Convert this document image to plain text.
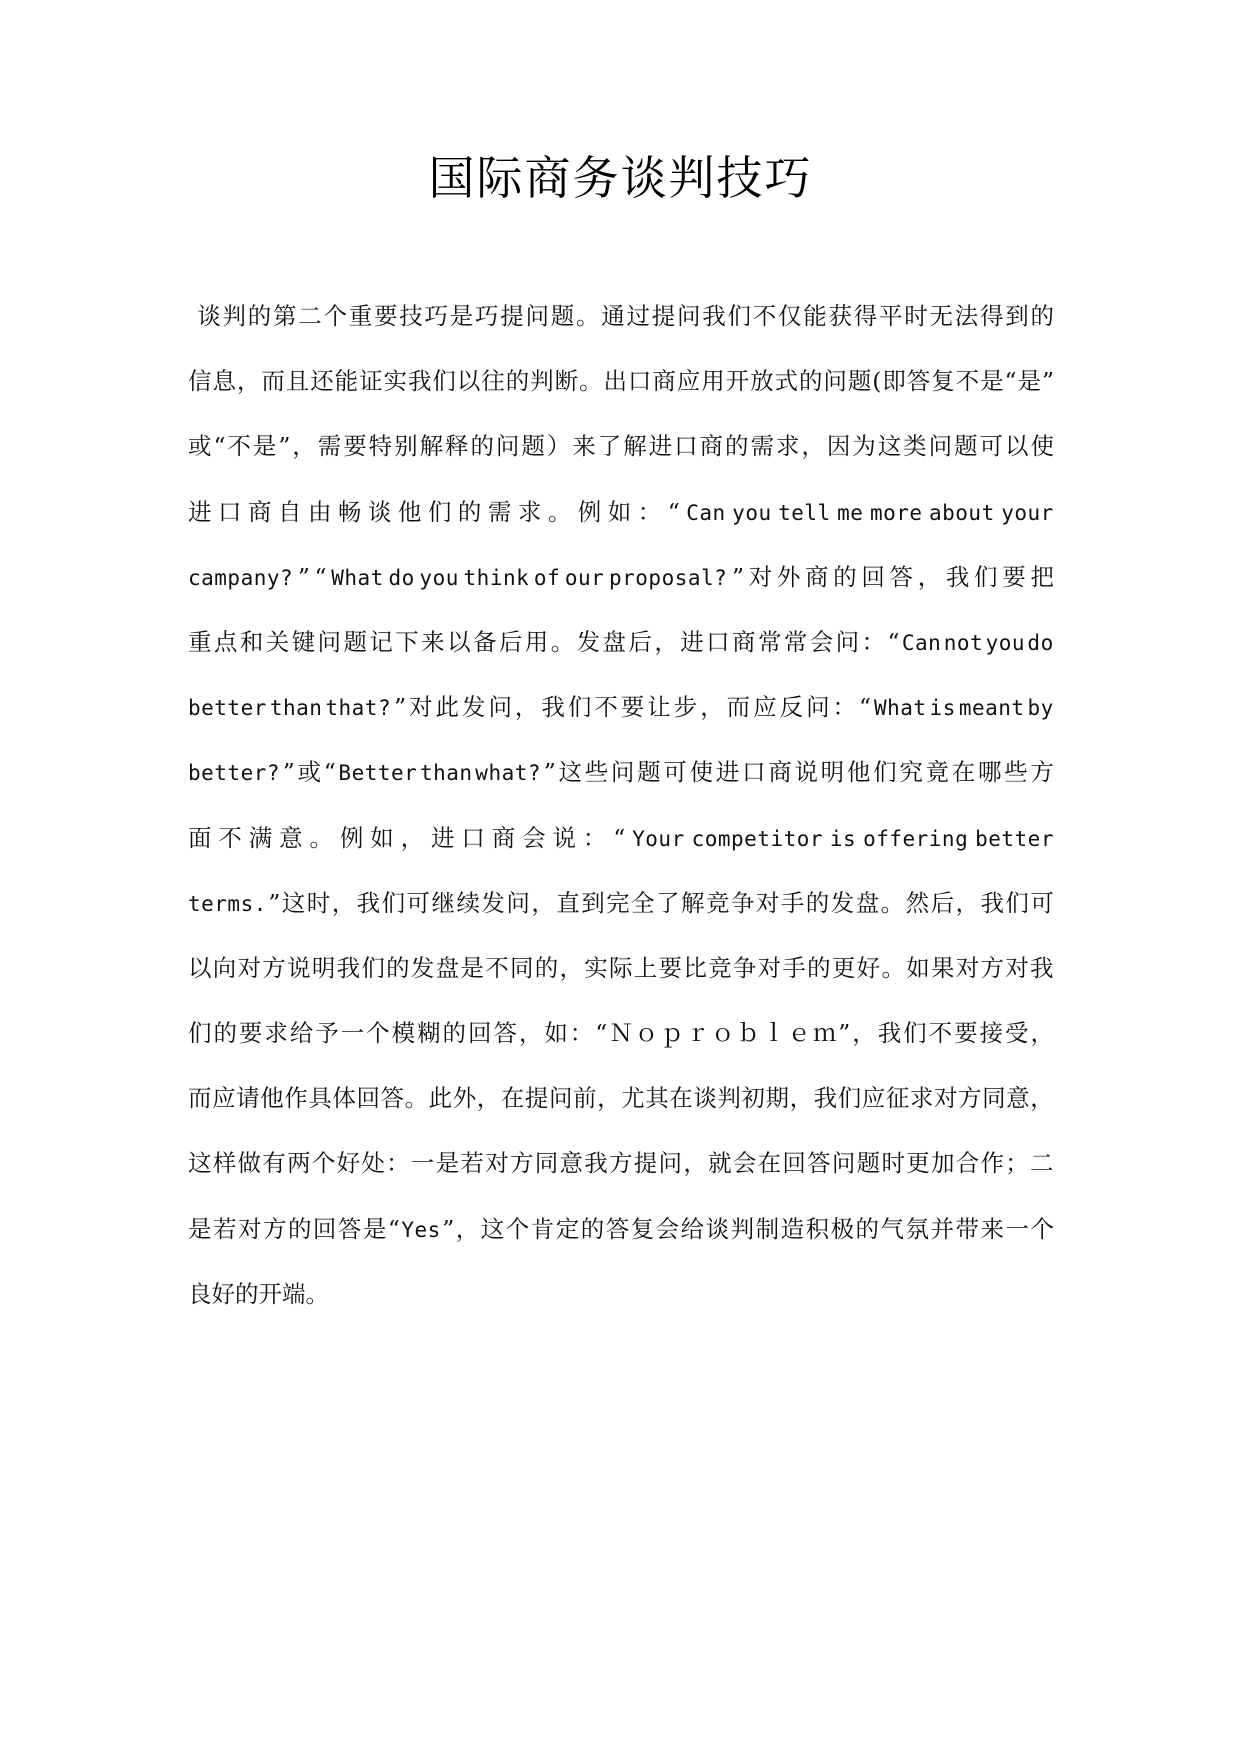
国际商务谈判技巧

谈 判 的 第 二 个 重 要 技 巧 是 巧 提 问 题 。 通 过 提 问 我 们 不 仅 能 获 得 平 时 无 法 得 到 的
信 息 ， 而 且 还 能 证 实 我 们 以 往 的 判 断 。 出 口 商 应 用 开 放 式 的 问 题 ( 即 答 复 不 是 “ 是 ”
或 “ 不 是 ” ， 需 要 特 别 解 释 的 问 题 ） 来 了 解 进 口 商 的 需 求 ， 因 为 这 类 问 题 可 以 使
进 口 商 自 由 畅 谈 他 们 的 需 求 。 例 如 ： “ Can you tell me more about your
campany? ” “ What do you think of our proposal? ” 对 外 商 的 回 答 ， 我 们 要 把
重 点 和 关 键 问 题 记 下 来 以 备 后 用 。 发 盘 后 ， 进 口 商 常 常 会 问 ： “ Can not you do
better than that? ” 对 此 发 问 ， 我 们 不 要 让 步 ， 而 应 反 问 ： “ What is meant by
better? ” 或 “ Better than what? ” 这 些 问 题 可 使 进 口 商 说 明 他 们 究 竟 在 哪 些 方
面 不 满 意 。 例 如 ， 进 口 商 会 说 ： “ Your competitor is offering better
terms. ” 这 时 ， 我 们 可 继 续 发 问 ， 直 到 完 全 了 解 竞 争 对 手 的 发 盘 。 然 后 ， 我 们 可
以 向 对 方 说 明 我 们 的 发 盘 是 不 同 的 ， 实 际 上 要 比 竞 争 对 手 的 更 好 。 如 果 对 方 对 我
们 的 要 求 给 予 一 个 模 糊 的 回 答 ， 如 ： “ Ｎ ｏ ｐ ｒ ｏ ｂ ｌ ｅ ｍ ” ， 我 们 不 要 接 受 ，
而 应 请 他 作 具 体 回 答 。 此 外 ， 在 提 问 前 ， 尤 其 在 谈 判 初 期 ， 我 们 应 征 求 对 方 同 意 ，
这 样 做 有 两 个 好 处 ： 一 是 若 对 方 同 意 我 方 提 问 ， 就 会 在 回 答 问 题 时 更 加 合 作 ； 二
是 若 对 方 的 回 答 是 “ Yes ” ， 这 个 肯 定 的 答 复 会 给 谈 判 制 造 积 极 的 气 氛 并 带 来 一 个
良 好 的 开 端 。
